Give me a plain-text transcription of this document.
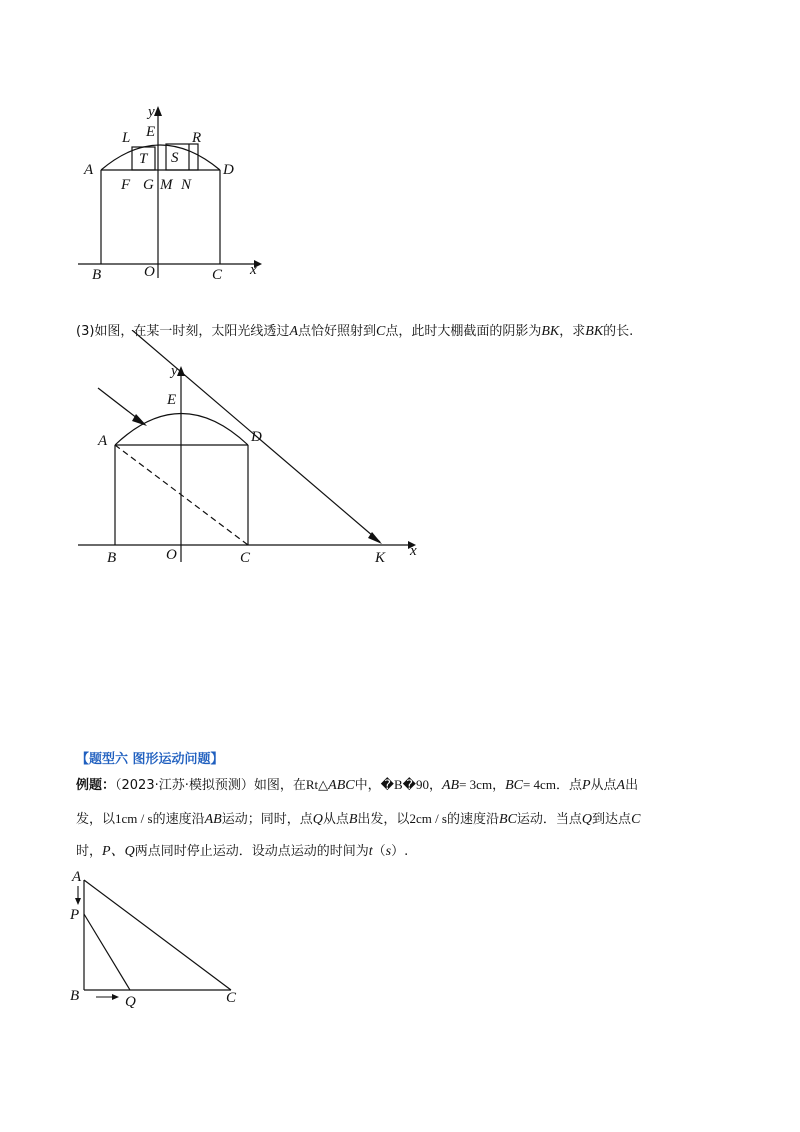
y
x
L E R
A	D
T S
F G M N
B	O	C
(3)如图，在某一时刻，太阳光线透过A点恰好照射到C点，此时大棚截面的阴影为BK，求BK的长.
y
x
E
A	D
B	O	C	K
【题型六 图形运动问题】
例题：（2023·江苏·模拟预测）如图，在Rt△ABC中，�B�90，AB= 3cm，BC= 4cm．点P从点A出
发，以1cm / s的速度沿AB运动；同时，点Q从点B出发，以2cm / s的速度沿BC运动．当点Q到达点C
时，P、Q两点同时停止运动．设动点运动的时间为t（s）.
A
P
B	Q	C
